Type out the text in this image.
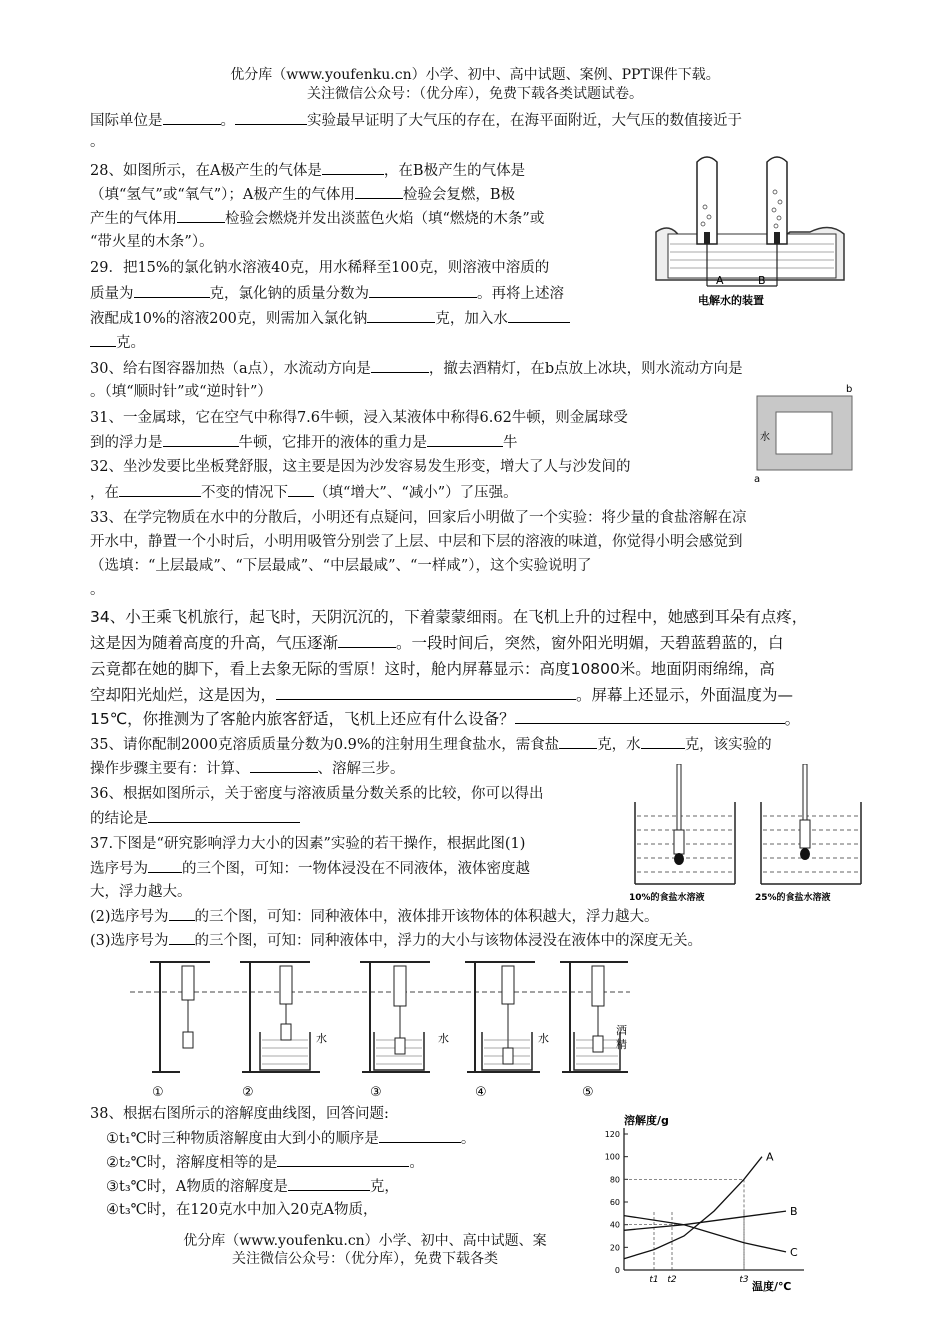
优分库（www.youfenku.cn）小学、初中、高中试题、案例、PPT课件下载。
关注微信公众号：（优分库），免费下载各类试题试卷。
国际单位是	。	实验最早证明了大气压的存在，在海平面附近，大气压的数值接近于
。
28、如图所示，在A极产生的气体是	，在B极产生的气体是
（填“氢气”或“氧气”）；A极产生的气体用	检验会复燃，B极
产生的气体用	检验会燃烧并发出淡蓝色火焰（填“燃烧的木条”或
“带火星的木条”）。
A	B
电解水的装置
29．把15%的氯化钠水溶液40克，用水稀释至100克，则溶液中溶质的
质量为	克，氯化钠的质量分数为	。再将上述溶
液配成10%的溶液200克，则需加入氯化钠	克，加入水
克。
30、给右图容器加热（a点），水流动方向是	，撤去酒精灯，在b点放上冰块，则水流动方向是
。（填“顺时针”或“逆时针”）	b
水
a
31、一金属球，它在空气中称得7.6牛顿，浸入某液体中称得6.62牛顿，则金属球受
到的浮力是	牛顿，它排开的液体的重力是	牛
32、坐沙发要比坐板凳舒服，这主要是因为沙发容易发生形变，增大了人与沙发间的
，在	不变的情况下 （填“增大”、“减小”）了压强。
33、在学完物质在水中的分散后，小明还有点疑问，回家后小明做了一个实验：将少量的食盐溶解在凉
开水中，静置一个小时后，小明用吸管分别尝了上层、中层和下层的溶液的味道，你觉得小明会感觉到
（选填：“上层最咸”、“下层最咸”、“中层最咸”、“一样咸”），这个实验说明了
。
34、小王乘飞机旅行，起飞时，天阴沉沉的，下着蒙蒙细雨。在飞机上升的过程中，她感到耳朵有点疼，
这是因为随着高度的升高，气压逐渐	。一段时间后，突然，窗外阳光明媚，天碧蓝碧蓝的，白
云竟都在她的脚下，看上去象无际的雪原！这时，舱内屏幕显示：高度10800米。地面阴雨绵绵，高
空却阳光灿烂，这是因为，	。屏幕上还显示，外面温度为—
15℃，你推测为了客舱内旅客舒适，飞机上还应有什么设备？	。
35、请你配制2000克溶质质量分数为0.9%的注射用生理食盐水，需食盐	克，水	克，该实验的
操作步骤主要有：计算、	、溶解三步。
36、根据如图所示，关于密度与溶液质量分数关系的比较，你可以得出
的结论是
10%的食盐水溶液	25%的食盐水溶液
37.下图是“研究影响浮力大小的因素”实验的若干操作，根据此图(1)
选序号为 的三个图，可知：一物体浸没在不同液体，液体密度越
大，浮力越大。
(2)选序号为 的三个图，可知：同种液体中，液体排开该物体的体积越大，浮力越大。
(3)选序号为 的三个图，可知：同种液体中，浮力的大小与该物体浸没在液体中的深度无关。
①
水
②
水
③
水
④
酒
精
⑤
38、根据右图所示的溶解度曲线图，回答问题:
①t₁℃时三种物质溶解度由大到小的顺序是	。
②t₂℃时，溶解度相等的是	。
③t₃℃时，A物质的溶解度是	克，
④t₃℃时，在120克水中加入20克A物质，
溶解度/g
温度/℃
0
20
40
60
80
100
120
t1 t2	t3
A
B
C
优分库（www.youfenku.cn）小学、初中、高中试题、案
关注微信公众号：（优分库），免费下载各类
